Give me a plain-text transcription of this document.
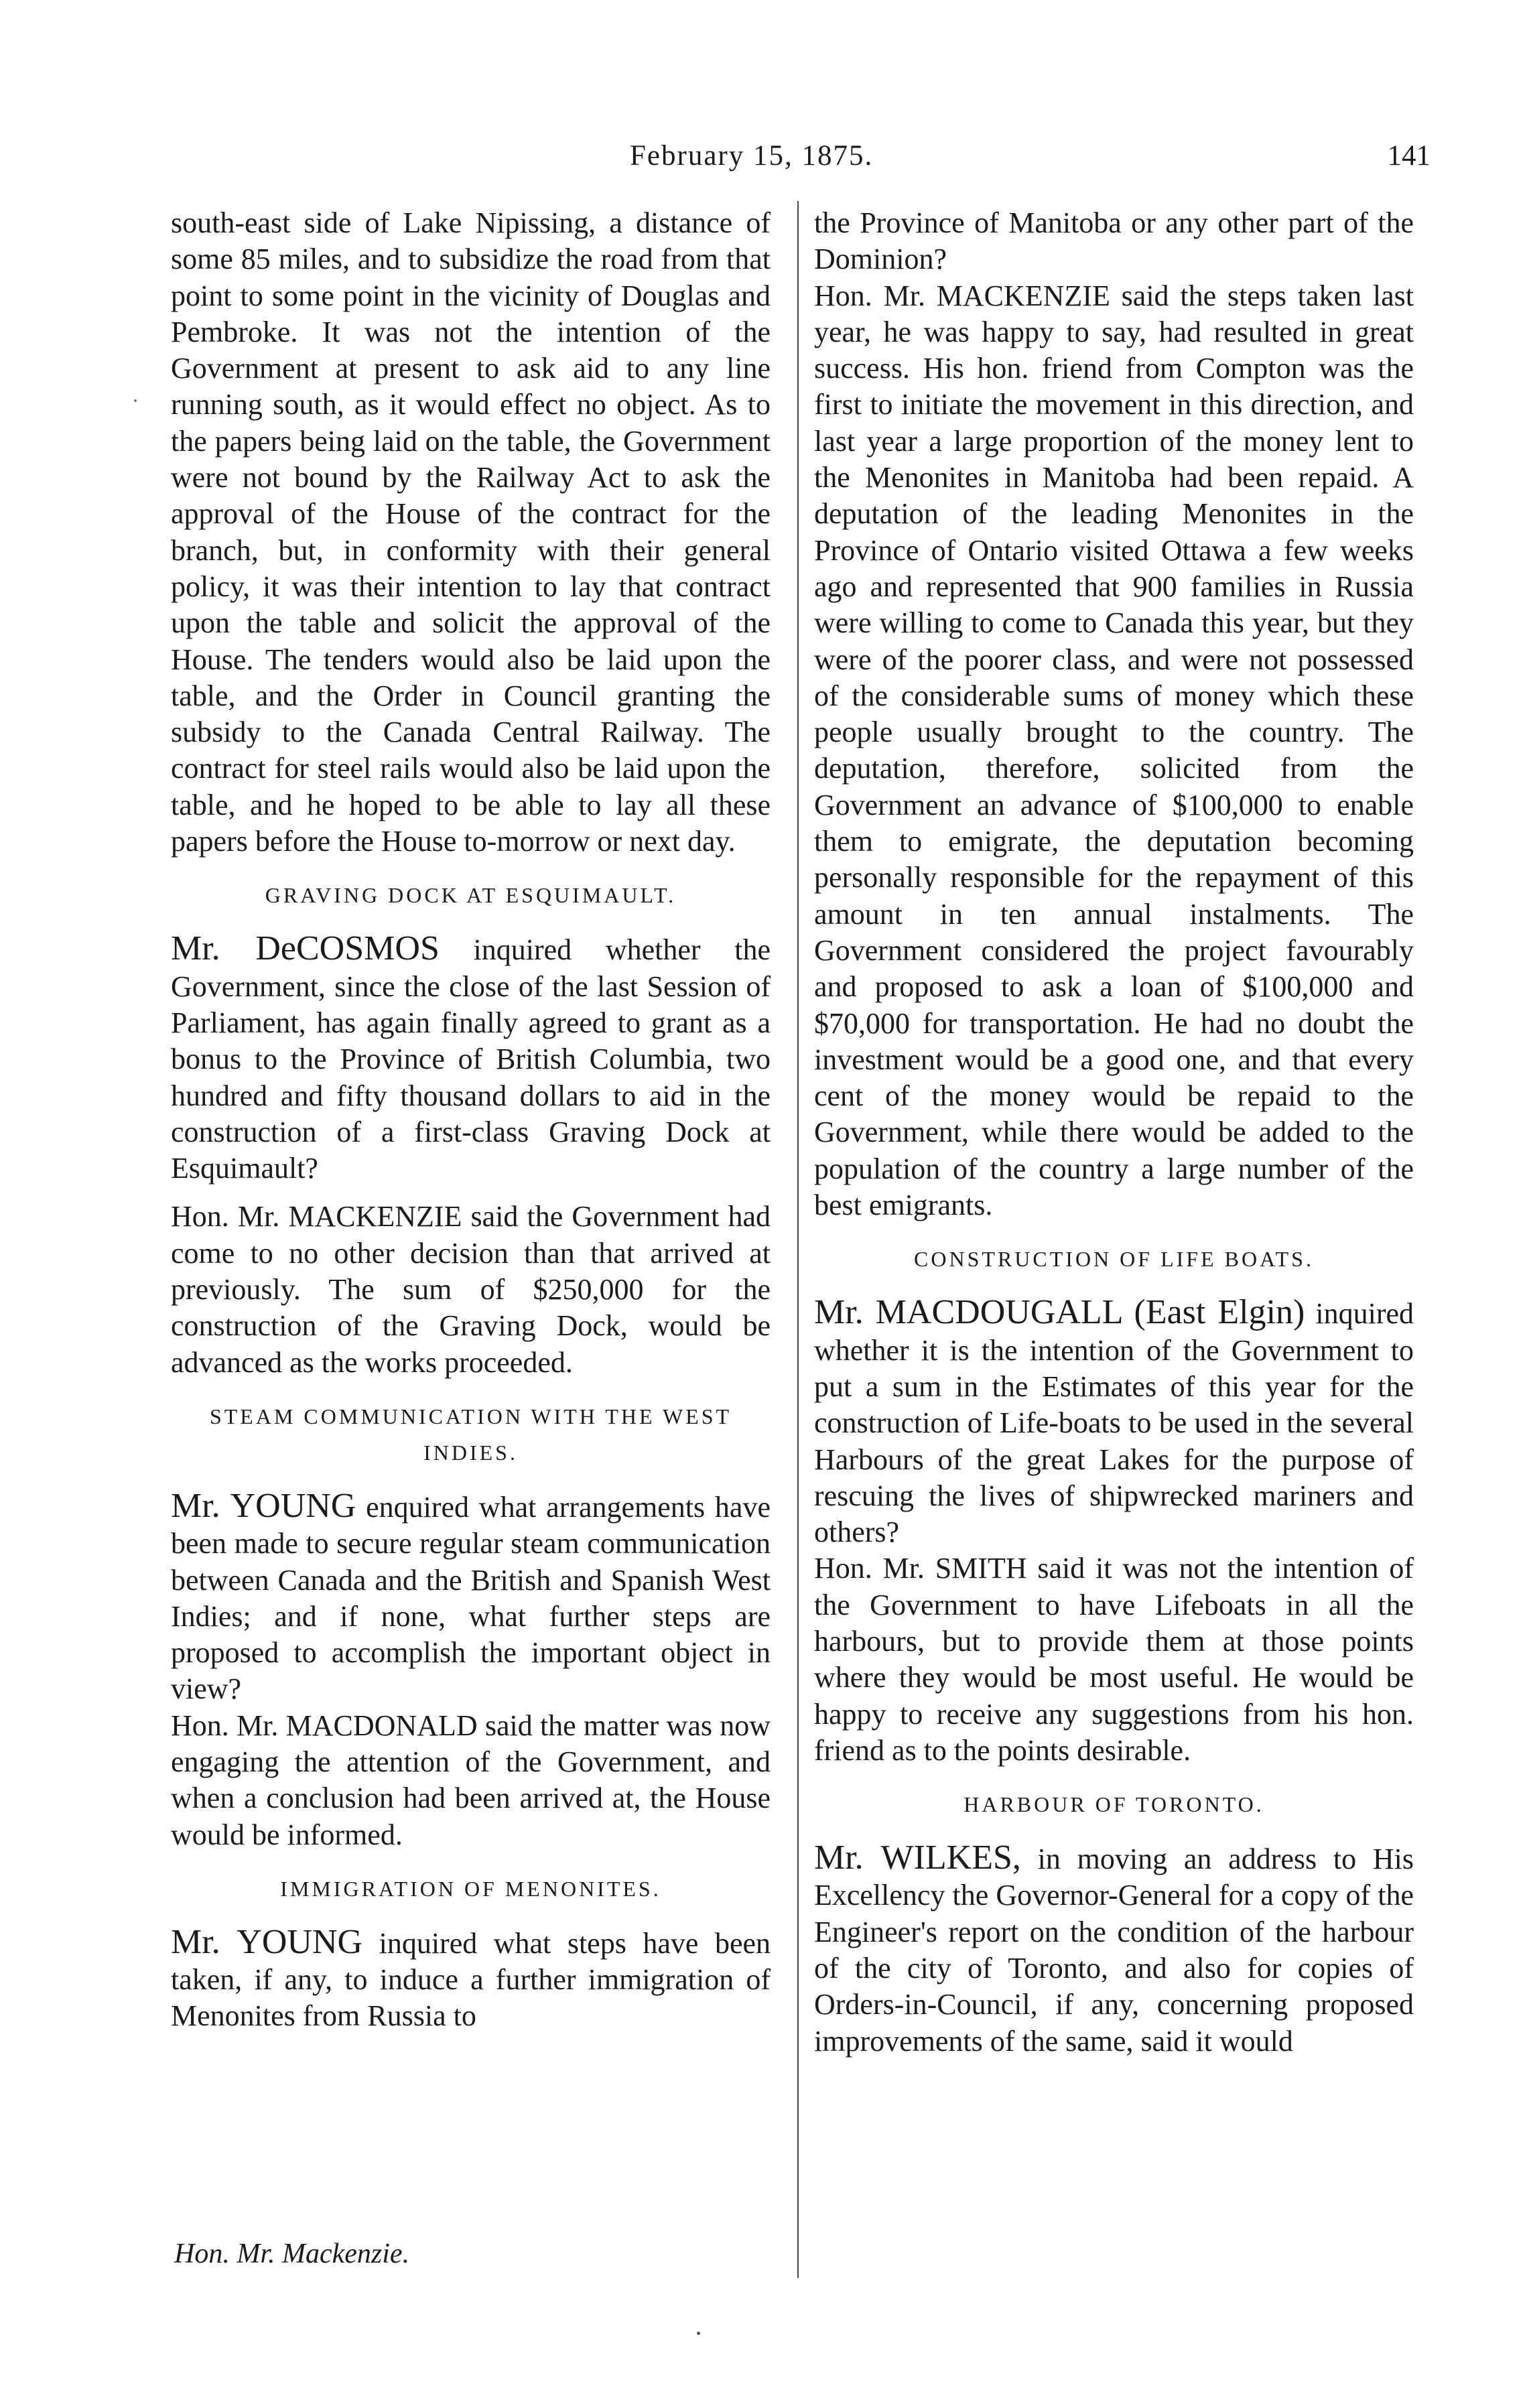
February 15, 1875.	141

south-east side of Lake Nipissing, a distance of some 85 miles, and to subsidize the road from that point to some point in the vicinity of Douglas and Pembroke. It was not the intention of the Government at present to ask aid to any line running south, as it would effect no object. As to the papers being laid on the table, the Government were not bound by the Railway Act to ask the approval of the House of the contract for the branch, but, in conformity with their general policy, it was their intention to lay that contract upon the table and solicit the approval of the House. The tenders would also be laid upon the table, and the Order in Council granting the subsidy to the Canada Central Railway. The contract for steel rails would also be laid upon the table, and he hoped to be able to lay all these papers before the House to-morrow or next day.

GRAVING DOCK AT ESQUIMAULT.

Mr. DeCOSMOS inquired whether the Government, since the close of the last Session of Parliament, has again finally agreed to grant as a bonus to the Province of British Columbia, two hundred and fifty thousand dollars to aid in the construction of a first-class Graving Dock at Esquimault?

Hon. Mr. MACKENZIE said the Government had come to no other decision than that arrived at previously. The sum of $250,000 for the construction of the Graving Dock, would be advanced as the works proceeded.

STEAM COMMUNICATION WITH THE WEST INDIES.

Mr. YOUNG enquired what arrangements have been made to secure regular steam communication between Canada and the British and Spanish West Indies; and if none, what further steps are proposed to accomplish the important object in view?

Hon. Mr. MACDONALD said the matter was now engaging the attention of the Government, and when a conclusion had been arrived at, the House would be informed.

IMMIGRATION OF MENONITES.

Mr. YOUNG inquired what steps have been taken, if any, to induce a further immigration of Menonites from Russia to

the Province of Manitoba or any other part of the Dominion?

Hon. Mr. MACKENZIE said the steps taken last year, he was happy to say, had resulted in great success. His hon. friend from Compton was the first to initiate the movement in this direction, and last year a large proportion of the money lent to the Menonites in Manitoba had been repaid. A deputation of the leading Menonites in the Province of Ontario visited Ottawa a few weeks ago and represented that 900 families in Russia were willing to come to Canada this year, but they were of the poorer class, and were not possessed of the considerable sums of money which these people usually brought to the country. The deputation, therefore, solicited from the Government an advance of $100,000 to enable them to emigrate, the deputation becoming personally responsible for the repayment of this amount in ten annual instalments. The Government considered the project favourably and proposed to ask a loan of $100,000 and $70,000 for transportation. He had no doubt the investment would be a good one, and that every cent of the money would be repaid to the Government, while there would be added to the population of the country a large number of the best emigrants.

CONSTRUCTION OF LIFE BOATS.

Mr. MACDOUGALL (East Elgin) inquired whether it is the intention of the Government to put a sum in the Estimates of this year for the construction of Life-boats to be used in the several Harbours of the great Lakes for the purpose of rescuing the lives of shipwrecked mariners and others?

Hon. Mr. SMITH said it was not the intention of the Government to have Lifeboats in all the harbours, but to provide them at those points where they would be most useful. He would be happy to receive any suggestions from his hon. friend as to the points desirable.

HARBOUR OF TORONTO.

Mr. WILKES, in moving an address to His Excellency the Governor-General for a copy of the Engineer's report on the condition of the harbour of the city of Toronto, and also for copies of Orders-in-Council, if any, concerning proposed improvements of the same, said it would

Hon. Mr. Mackenzie.
